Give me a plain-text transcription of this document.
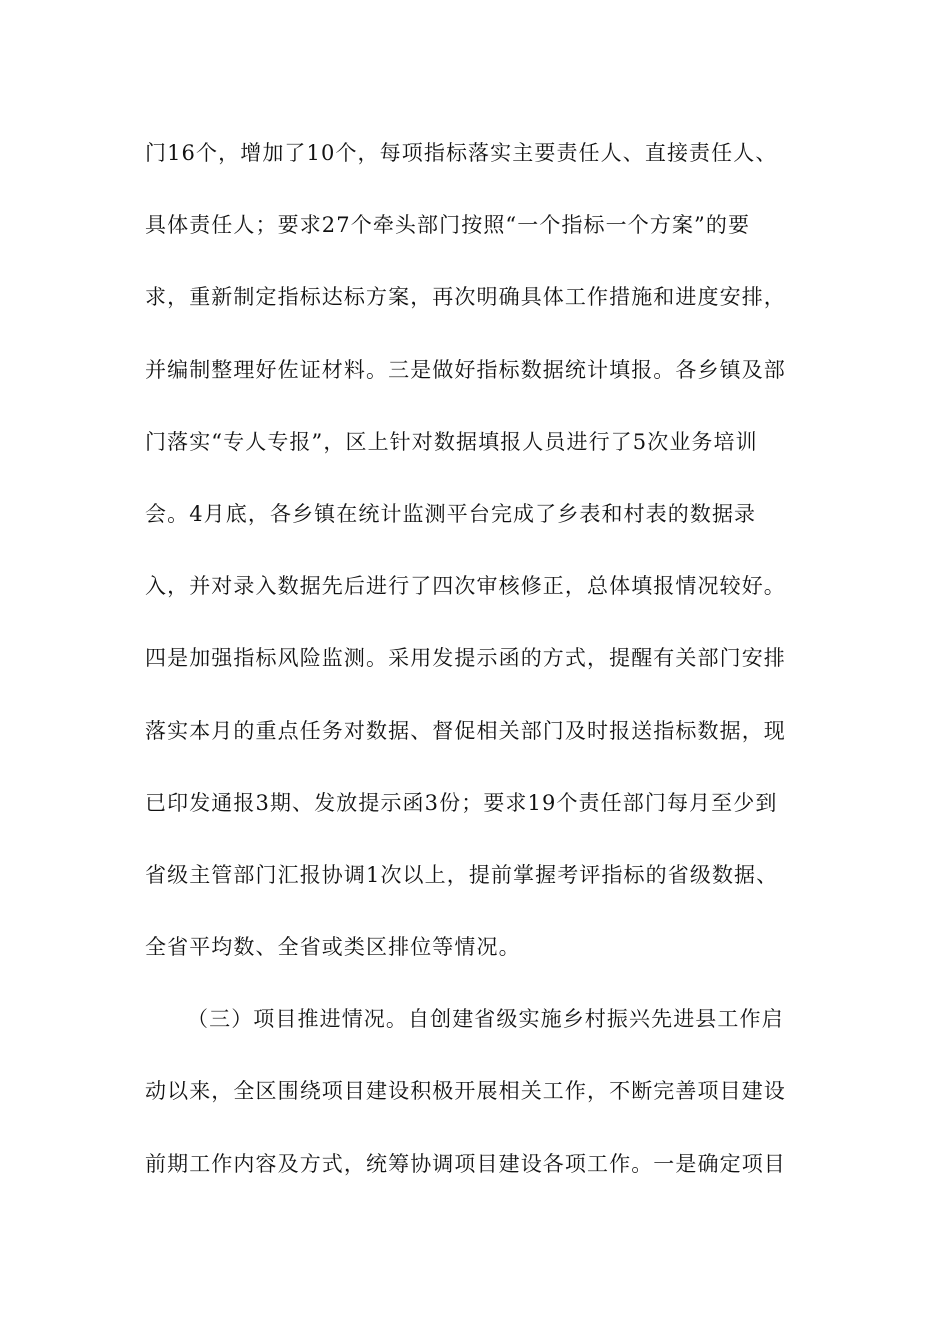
门16个，增加了10个，每项指标落实主要责任人、直接责任人、
具体责任人；要求27个牵头部门按照“一个指标一个方案”的要
求，重新制定指标达标方案，再次明确具体工作措施和进度安排，
并编制整理好佐证材料。三是做好指标数据统计填报。各乡镇及部
门落实“专人专报”，区上针对数据填报人员进行了5次业务培训
会。4月底，各乡镇在统计监测平台完成了乡表和村表的数据录
入，并对录入数据先后进行了四次审核修正，总体填报情况较好。
四是加强指标风险监测。采用发提示函的方式，提醒有关部门安排
落实本月的重点任务对数据、督促相关部门及时报送指标数据，现
已印发通报3期、发放提示函3份；要求19个责任部门每月至少到
省级主管部门汇报协调1次以上，提前掌握考评指标的省级数据、
全省平均数、全省或类区排位等情况。
（三）项目推进情况。自创建省级实施乡村振兴先进县工作启
动以来，全区围绕项目建设积极开展相关工作，不断完善项目建设
前期工作内容及方式，统筹协调项目建设各项工作。一是确定项目
